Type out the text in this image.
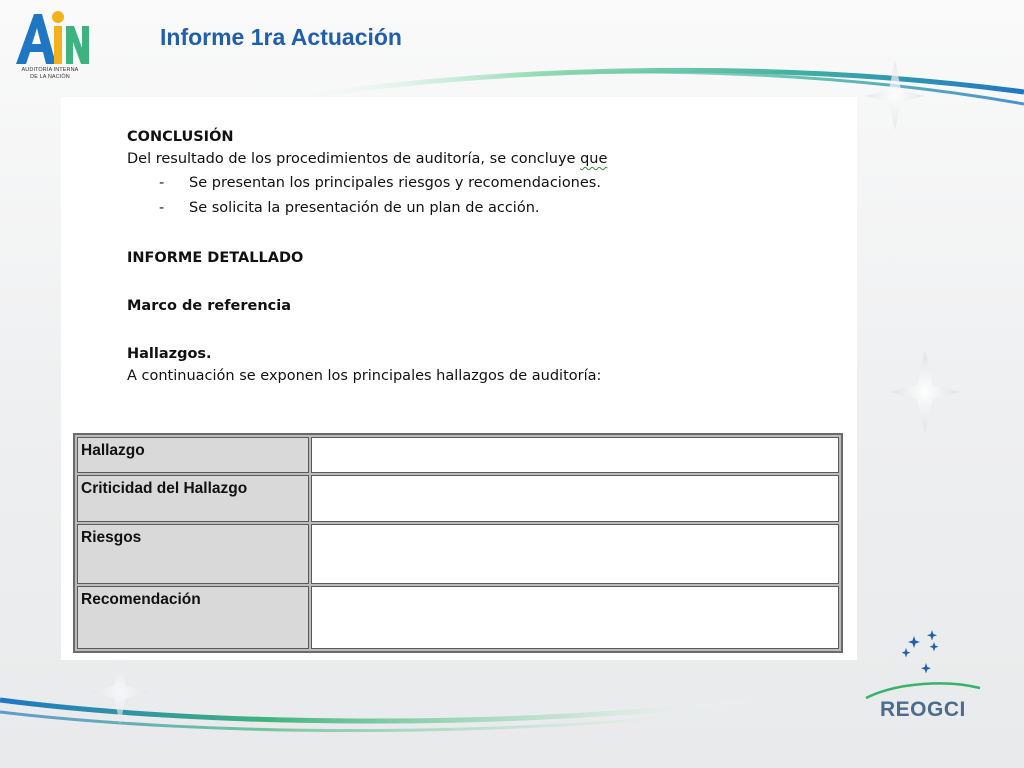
AUDITORÍA INTERNA
DE LA NACIÓN
Informe 1ra Actuación

CONCLUSIÓN

Del resultado de los procedimientos de auditoría, se concluye que

- Se presentan los principales riesgos y recomendaciones.
- Se solicita la presentación de un plan de acción.

INFORME DETALLADO

Marco de referencia

Hallazgos.

A continuación se exponen los principales hallazgos de auditoría:

Hallazgo	
Criticidad del Hallazgo	
Riesgos	
Recomendación	
REOGCI
